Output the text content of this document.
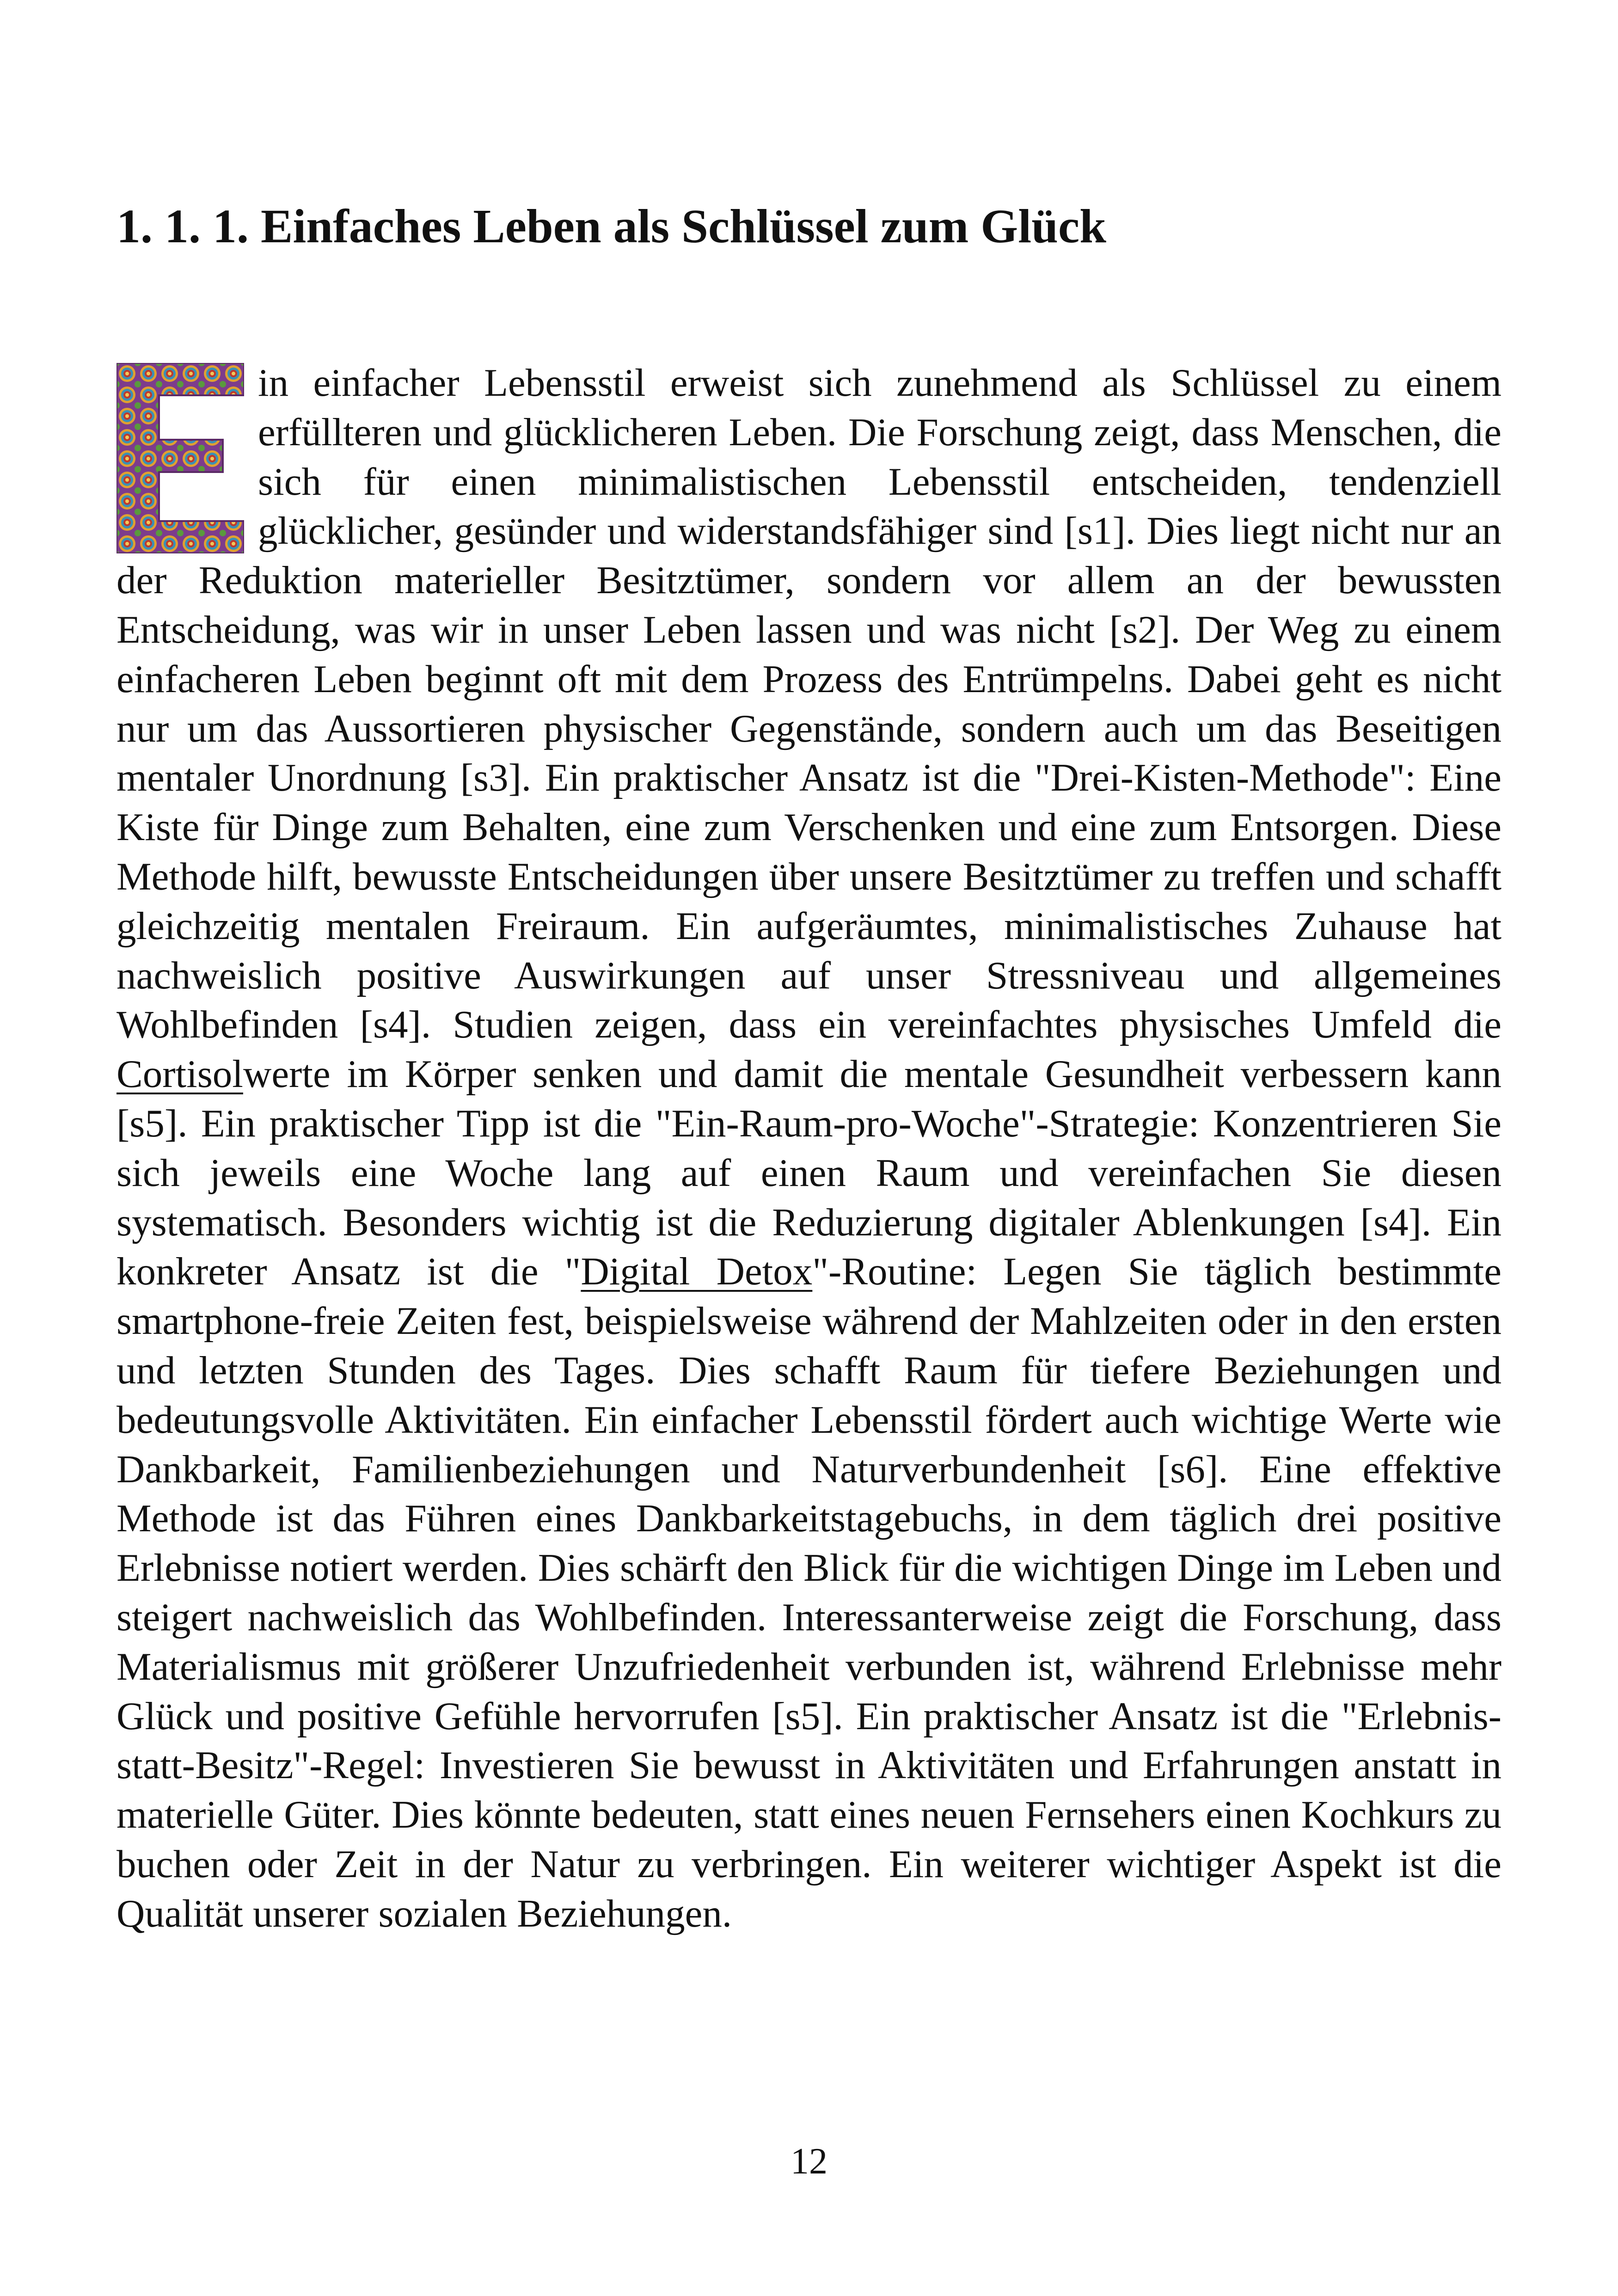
1. 1. 1. Einfaches Leben als Schlüssel zum Glück
in einfacher Lebensstil erweist sich zunehmend als Schlüssel zu einem erfüllteren und glücklicheren Leben. Die Forschung zeigt, dass Menschen, die sich für einen minimalistischen Lebensstil entscheiden, tendenziell glücklicher, gesünder und widerstandsfähiger sind [s1]. Dies liegt nicht nur an der Reduktion materieller Besitztümer, sondern vor allem an der bewussten Entscheidung, was wir in unser Leben lassen und was nicht [s2]. Der Weg zu einem einfacheren Leben beginnt oft mit dem Prozess des Entrümpelns. Dabei geht es nicht nur um das Aussortieren physischer Gegenstände, sondern auch um das Beseitigen mentaler Unordnung [s3]. Ein praktischer Ansatz ist die "Drei-Kisten-Methode": Eine Kiste für Dinge zum Behalten, eine zum Verschenken und eine zum Entsorgen. Diese Methode hilft, bewusste Entscheidungen über unsere Besitztümer zu treffen und schafft gleichzeitig mentalen Freiraum. Ein aufgeräumtes, minimalistisches Zuhause hat nachweislich positive Auswirkungen auf unser Stressniveau und allgemeines Wohlbefinden [s4]. Studien zeigen, dass ein vereinfachtes physisches Umfeld die Cortisolwerte im Körper senken und damit die mentale Gesundheit verbessern kann [s5]. Ein praktischer Tipp ist die "Ein-Raum-pro-Woche"-Strategie: Konzentrieren Sie sich jeweils eine Woche lang auf einen Raum und vereinfachen Sie diesen systematisch. Besonders wichtig ist die Reduzierung digitaler Ablenkungen [s4]. Ein konkreter Ansatz ist die "Digital Detox"-Routine: Legen Sie täglich bestimmte smartphone-freie Zeiten fest, beispielsweise während der Mahlzeiten oder in den ersten und letzten Stunden des Tages. Dies schafft Raum für tiefere Beziehungen und bedeutungsvolle Aktivitäten. Ein einfacher Lebensstil fördert auch wichtige Werte wie Dankbarkeit, Familienbeziehungen und Naturverbundenheit [s6]. Eine effektive Methode ist das Führen eines Dankbarkeitstagebuchs, in dem täglich drei positive Erlebnisse notiert werden. Dies schärft den Blick für die wichtigen Dinge im Leben und steigert nachweislich das Wohlbefinden. Interessanterweise zeigt die Forschung, dass Materialismus mit größerer Unzufriedenheit verbunden ist, während Erlebnisse mehr Glück und positive Gefühle hervorrufen [s5]. Ein praktischer Ansatz ist die "Erlebnis-statt-Besitz"-Regel: Investieren Sie bewusst in Aktivitäten und Erfahrungen anstatt in materielle Güter. Dies könnte bedeuten, statt eines neuen Fernsehers einen Kochkurs zu buchen oder Zeit in der Natur zu verbringen. Ein weiterer wichtiger Aspekt ist die Qualität unserer sozialen Beziehungen.
12
